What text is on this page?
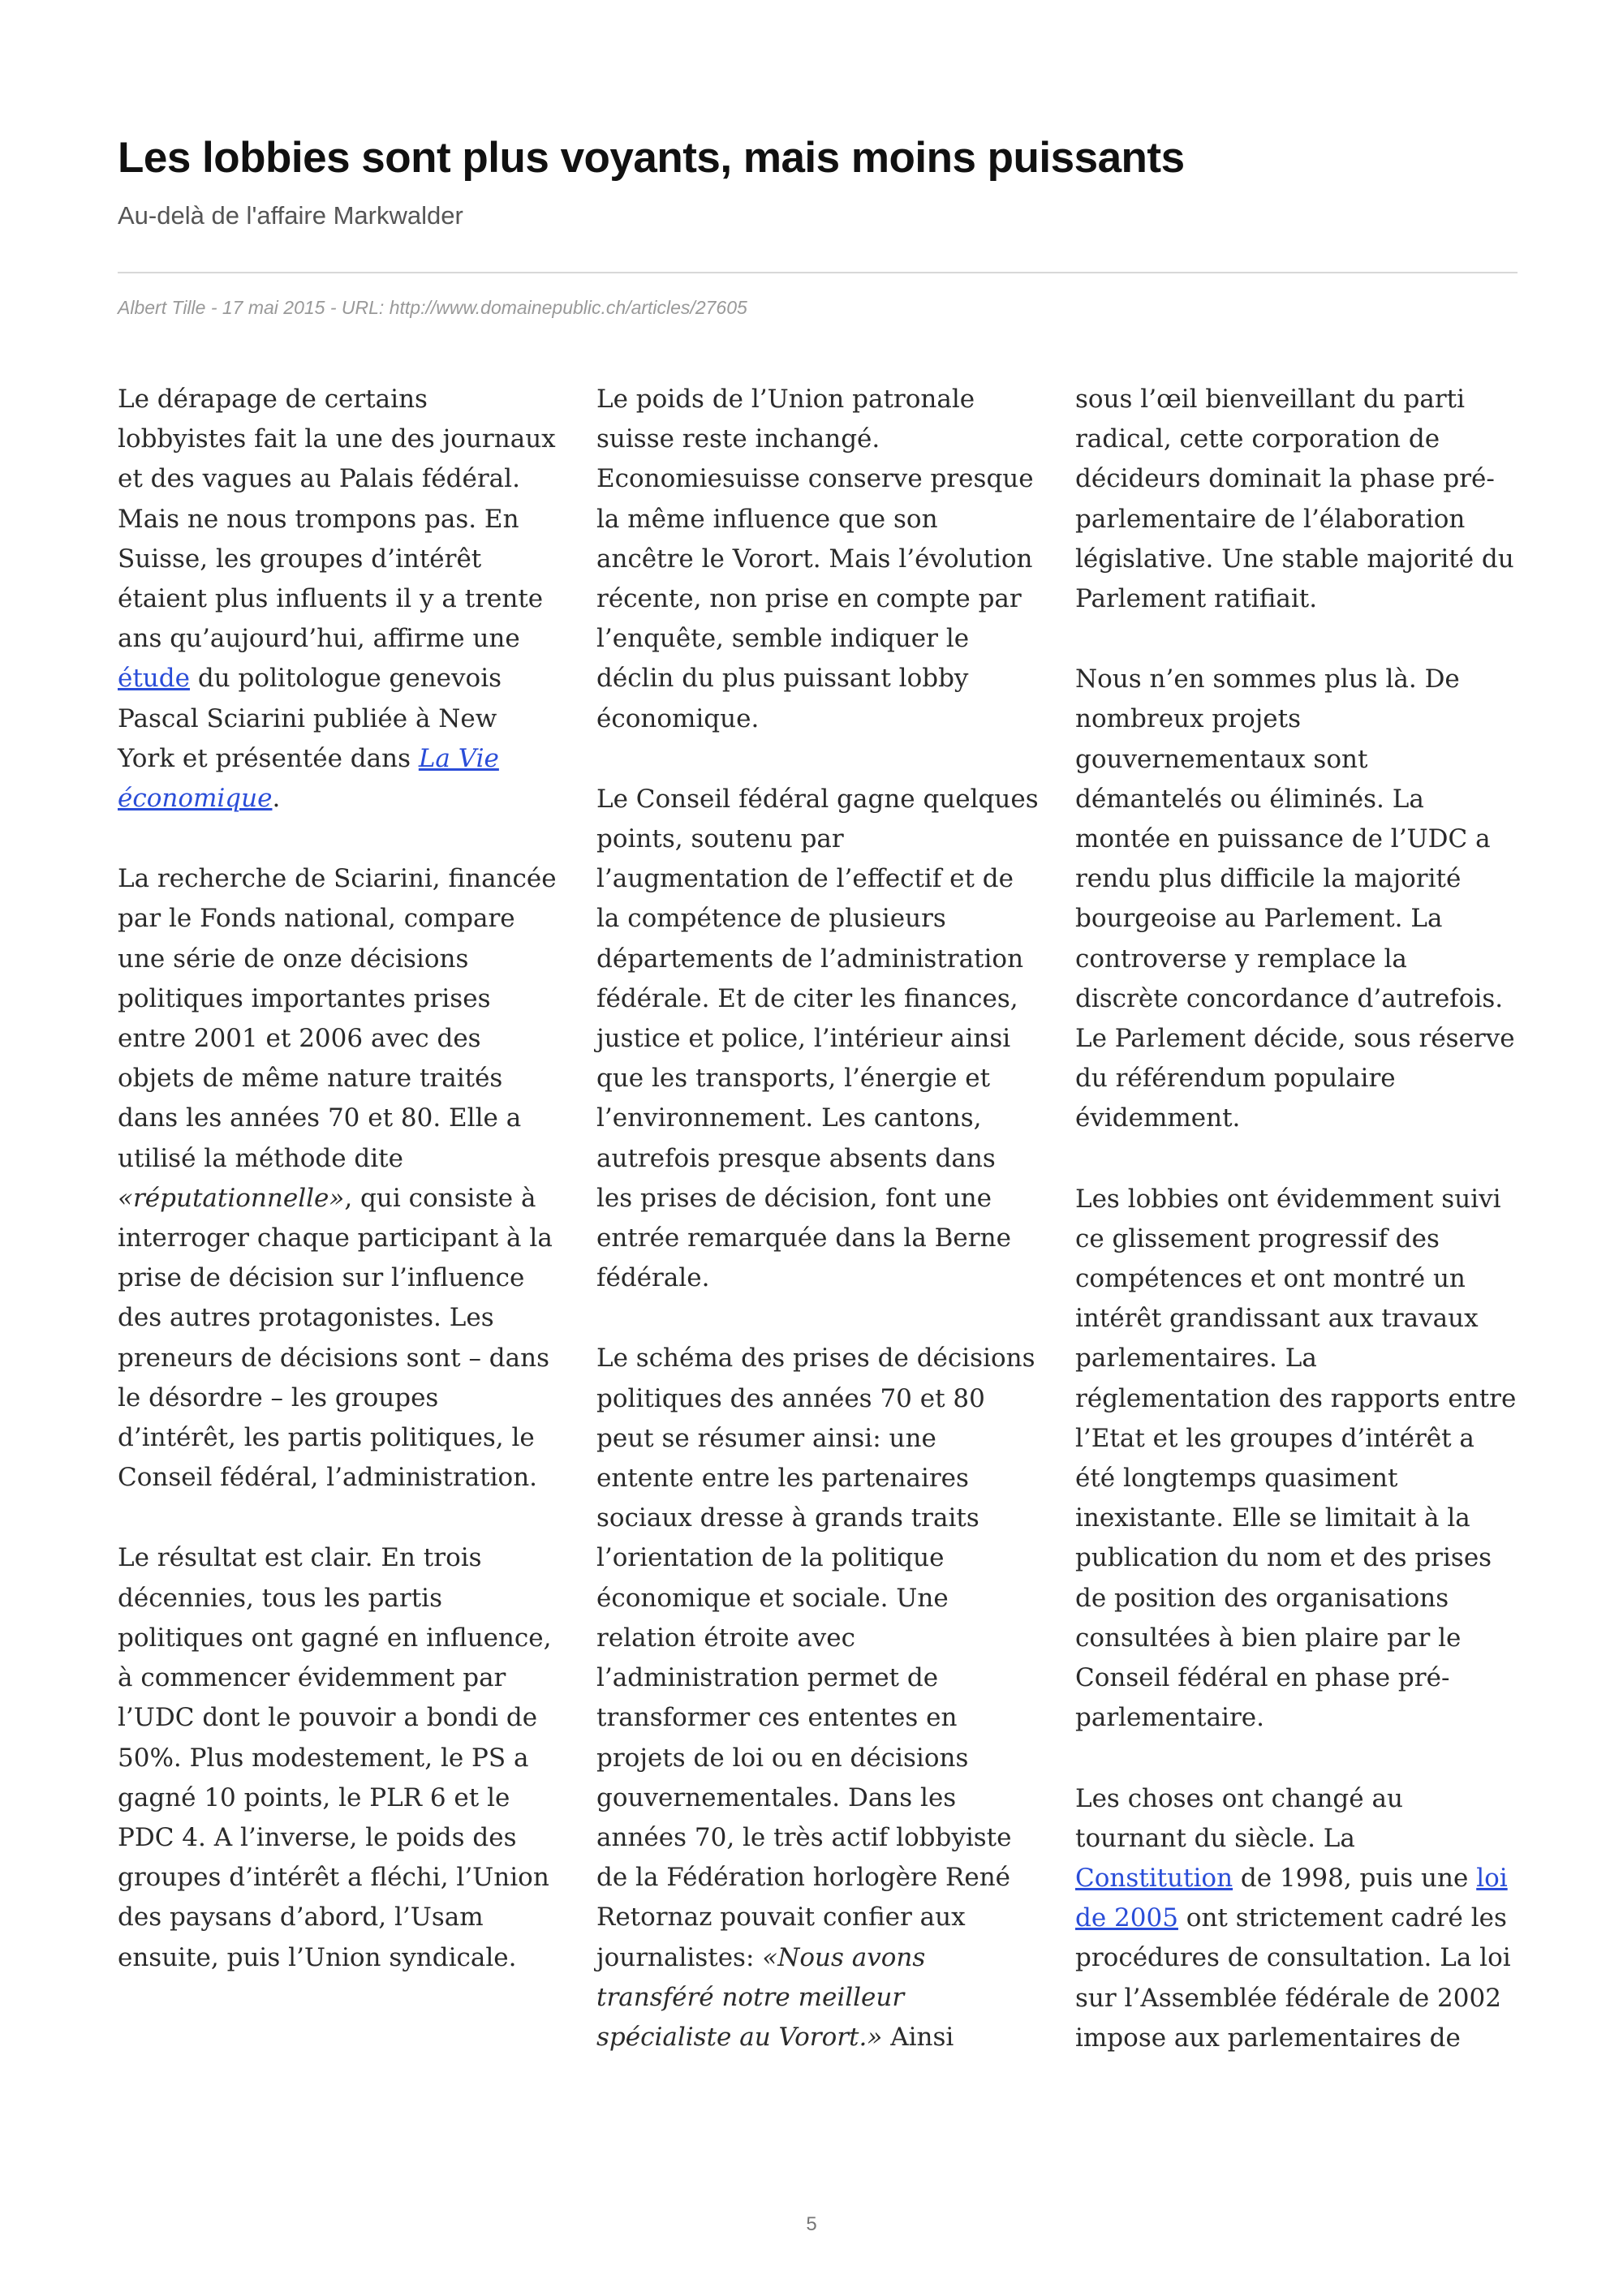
Les lobbies sont plus voyants, mais moins puissants
Au-delà de l'affaire Markwalder
Albert Tille - 17 mai 2015 - URL: http://www.domainepublic.ch/articles/27605

Le dérapage de certains lobbyistes fait la une des journaux et des vagues au Palais fédéral. Mais ne nous trompons pas. En Suisse, les groupes d’intérêt étaient plus influents il y a trente ans qu’aujourd’hui, affirme une étude du politologue genevois Pascal Sciarini publiée à New York et présentée dans La Vie économique.

La recherche de Sciarini, financée par le Fonds national, compare une série de onze décisions politiques importantes prises entre 2001 et 2006 avec des objets de même nature traités dans les années 70 et 80. Elle a utilisé la méthode dite «réputationnelle», qui consiste à interroger chaque participant à la prise de décision sur l’influence des autres protagonistes. Les preneurs de décisions sont – dans le désordre – les groupes d’intérêt, les partis politiques, le Conseil fédéral, l’administration.

Le résultat est clair. En trois décennies, tous les partis politiques ont gagné en influence, à commencer évidemment par l’UDC dont le pouvoir a bondi de 50%. Plus modestement, le PS a gagné 10 points, le PLR 6 et le PDC 4. A l’inverse, le poids des groupes d’intérêt a fléchi, l’Union des paysans d’abord, l’Usam ensuite, puis l’Union syndicale.

Le poids de l’Union patronale suisse reste inchangé. Economiesuisse conserve presque la même influence que son ancêtre le Vorort. Mais l’évolution récente, non prise en compte par l’enquête, semble indiquer le déclin du plus puissant lobby économique.

Le Conseil fédéral gagne quelques points, soutenu par l’augmentation de l’effectif et de la compétence de plusieurs départements de l’administration fédérale. Et de citer les finances, justice et police, l’intérieur ainsi que les transports, l’énergie et l’environnement. Les cantons, autrefois presque absents dans les prises de décision, font une entrée remarquée dans la Berne fédérale.

Le schéma des prises de décisions politiques des années 70 et 80 peut se résumer ainsi: une entente entre les partenaires sociaux dresse à grands traits l’orientation de la politique économique et sociale. Une relation étroite avec l’administration permet de transformer ces ententes en projets de loi ou en décisions gouvernementales. Dans les années 70, le très actif lobbyiste de la Fédération horlogère René Retornaz pouvait confier aux journalistes: «Nous avons transféré notre meilleur spécialiste au Vorort.» Ainsi

sous l’œil bienveillant du parti radical, cette corporation de décideurs dominait la phase pré-parlementaire de l’élaboration législative. Une stable majorité du Parlement ratifiait.

Nous n’en sommes plus là. De nombreux projets gouvernementaux sont démantelés ou éliminés. La montée en puissance de l’UDC a rendu plus difficile la majorité bourgeoise au Parlement. La controverse y remplace la discrète concordance d’autrefois. Le Parlement décide, sous réserve du référendum populaire évidemment.

Les lobbies ont évidemment suivi ce glissement progressif des compétences et ont montré un intérêt grandissant aux travaux parlementaires. La réglementation des rapports entre l’Etat et les groupes d’intérêt a été longtemps quasiment inexistante. Elle se limitait à la publication du nom et des prises de position des organisations consultées à bien plaire par le Conseil fédéral en phase pré-parlementaire.

Les choses ont changé au tournant du siècle. La Constitution de 1998, puis une loi de 2005 ont strictement cadré les procédures de consultation. La loi sur l’Assemblée fédérale de 2002 impose aux parlementaires de

5
